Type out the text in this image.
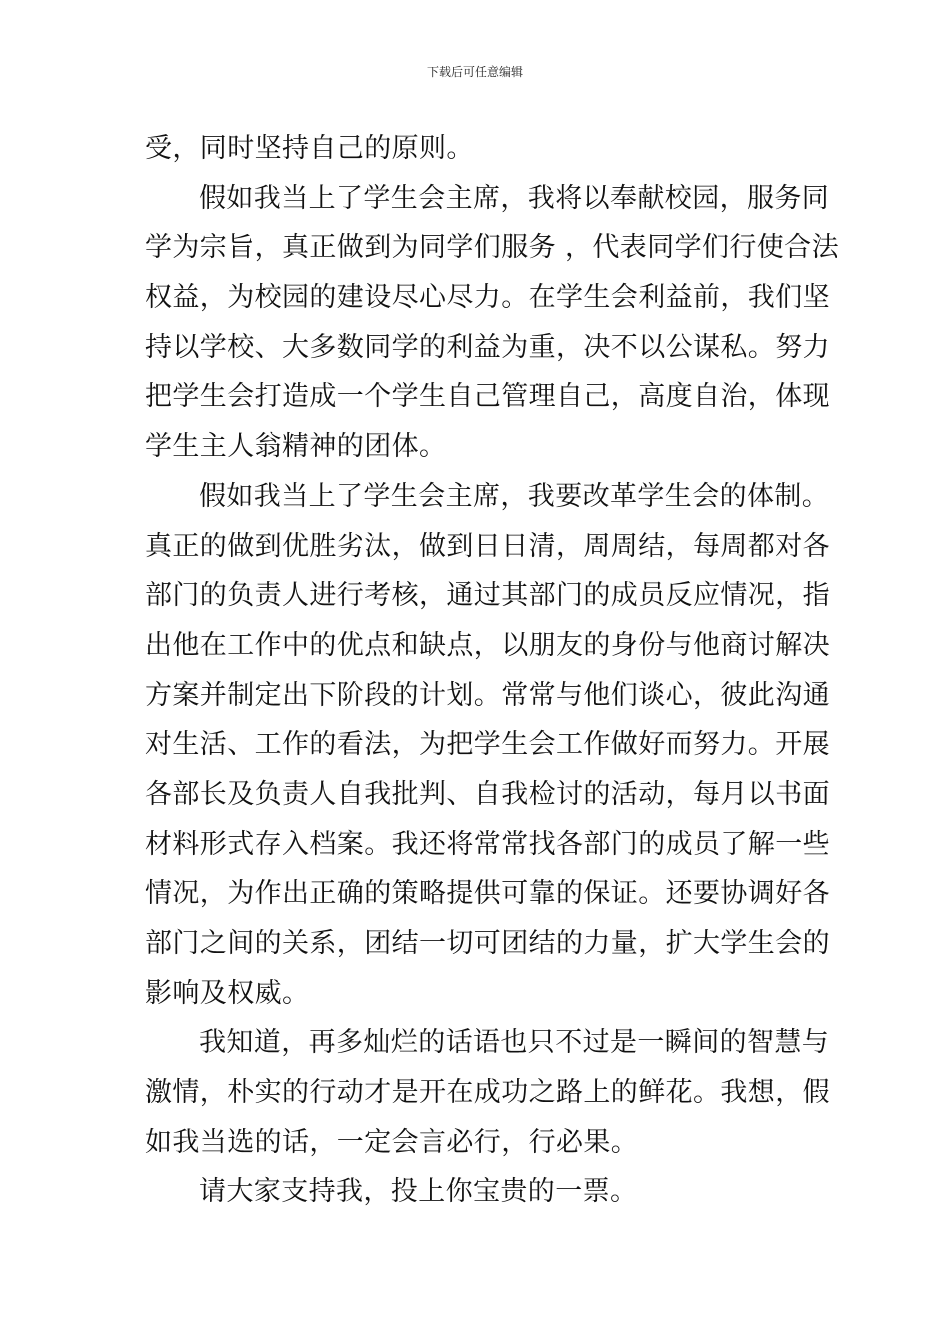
下载后可任意编辑
受，同时坚持自己的原则。
假如我当上了学生会主席，我将以奉献校园，服务同
学为宗旨，真正做到为同学们服务 ，代表同学们行使合法
权益，为校园的建设尽心尽力。在学生会利益前，我们坚
持以学校、大多数同学的利益为重，决不以公谋私。努力
把学生会打造成一个学生自己管理自己，高度自治，体现
学生主人翁精神的团体。
假如我当上了学生会主席，我要改革学生会的体制。
真正的做到优胜劣汰，做到日日清，周周结，每周都对各
部门的负责人进行考核，通过其部门的成员反应情况，指
出他在工作中的优点和缺点，以朋友的身份与他商讨解决
方案并制定出下阶段的计划。常常与他们谈心，彼此沟通
对生活、工作的看法，为把学生会工作做好而努力。开展
各部长及负责人自我批判、自我检讨的活动，每月以书面
材料形式存入档案。我还将常常找各部门的成员了解一些
情况，为作出正确的策略提供可靠的保证。还要协调好各
部门之间的关系，团结一切可团结的力量，扩大学生会的
影响及权威。
我知道，再多灿烂的话语也只不过是一瞬间的智慧与
激情，朴实的行动才是开在成功之路上的鲜花。我想，假
如我当选的话，一定会言必行，行必果。
请大家支持我，投上你宝贵的一票。
